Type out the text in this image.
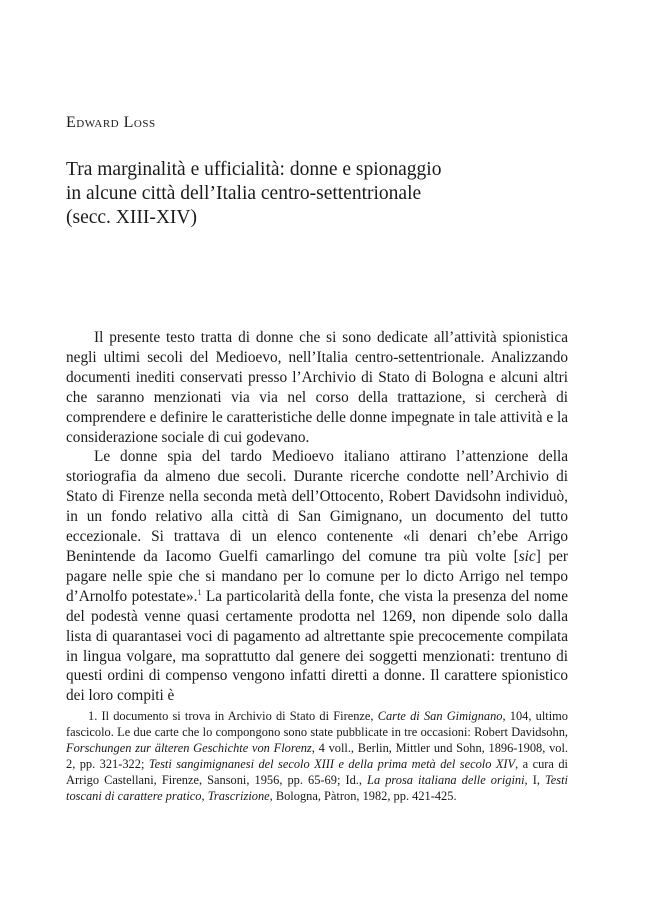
Edward Loss
Tra marginalità e ufficialità: donne e spionaggio
in alcune città dell’Italia centro-settentrionale
(secc. XIII-XIV)

Il presente testo tratta di donne che si sono dedicate all’attività spionistica negli ultimi secoli del Medioevo, nell’Italia centro-settentrionale. Analizzando documenti inediti conservati presso l’Archivio di Stato di Bologna e alcuni altri che saranno menzionati via via nel corso della trattazione, si cercherà di comprendere e definire le caratteristiche delle donne impegnate in tale attività e la considerazione sociale di cui godevano.

Le donne spia del tardo Medioevo italiano attirano l’attenzione della storiografia da almeno due secoli. Durante ricerche condotte nell’Archivio di Stato di Firenze nella seconda metà dell’Ottocento, Robert Davidsohn individuò, in un fondo relativo alla città di San Gimignano, un documento del tutto eccezionale. Si trattava di un elenco contenente «li denari ch’ebe Arrigo Benintende da Iacomo Guelfi camarlingo del comune tra più volte [sic] per pagare nelle spie che si mandano per lo comune per lo dicto Arrigo nel tempo d’Arnolfo potestate».$^1$ La particolarità della fonte, che vista la presenza del nome del podestà venne quasi certamente prodotta nel 1269, non dipende solo dalla lista di quarantasei voci di pagamento ad altrettante spie precocemente compilata in lingua volgare, ma soprattutto dal genere dei soggetti menzionati: trentuno di questi ordini di compenso vengono infatti diretti a donne. Il carattere spionistico dei loro compiti è

1. Il documento si trova in Archivio di Stato di Firenze, Carte di San Gimignano, 104, ultimo fascicolo. Le due carte che lo compongono sono state pubblicate in tre occasioni: Robert Davidsohn, Forschungen zur älteren Geschichte von Florenz, 4 voll., Berlin, Mittler und Sohn, 1896-1908, vol. 2, pp. 321-322; Testi sangimignanesi del secolo XIII e della prima metà del secolo XIV, a cura di Arrigo Castellani, Firenze, Sansoni, 1956, pp. 65-69; Id., La prosa italiana delle origini, I, Testi toscani di carattere pratico, Trascrizione, Bologna, Pàtron, 1982, pp. 421-425.
